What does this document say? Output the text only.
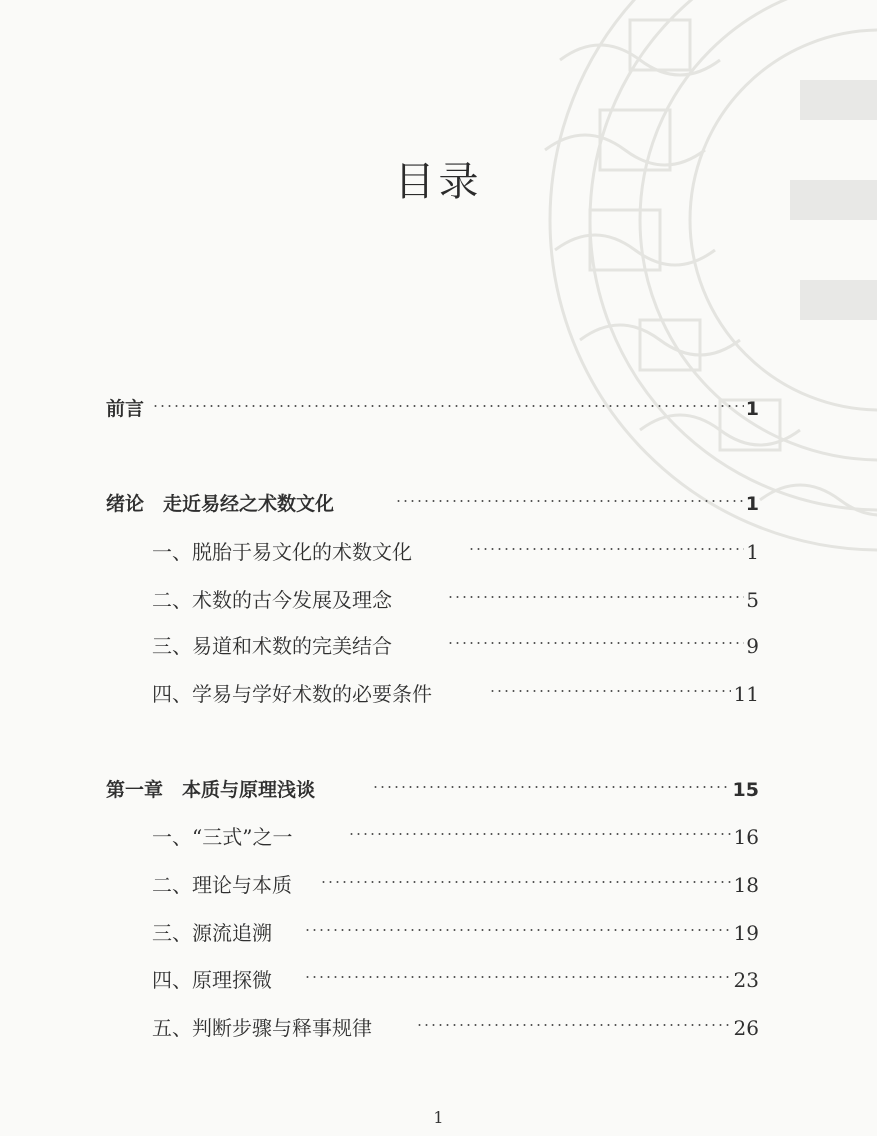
目录
前言	1
绪论　走近易经之术数文化	1
一、脱胎于易文化的术数文化	1
二、术数的古今发展及理念	5
三、易道和术数的完美结合	9
四、学易与学好术数的必要条件	11
第一章　本质与原理浅谈	15
一、“三式”之一	16
二、理论与本质	18
三、源流追溯	19
四、原理探微	23
五、判断步骤与释事规律	26
1
